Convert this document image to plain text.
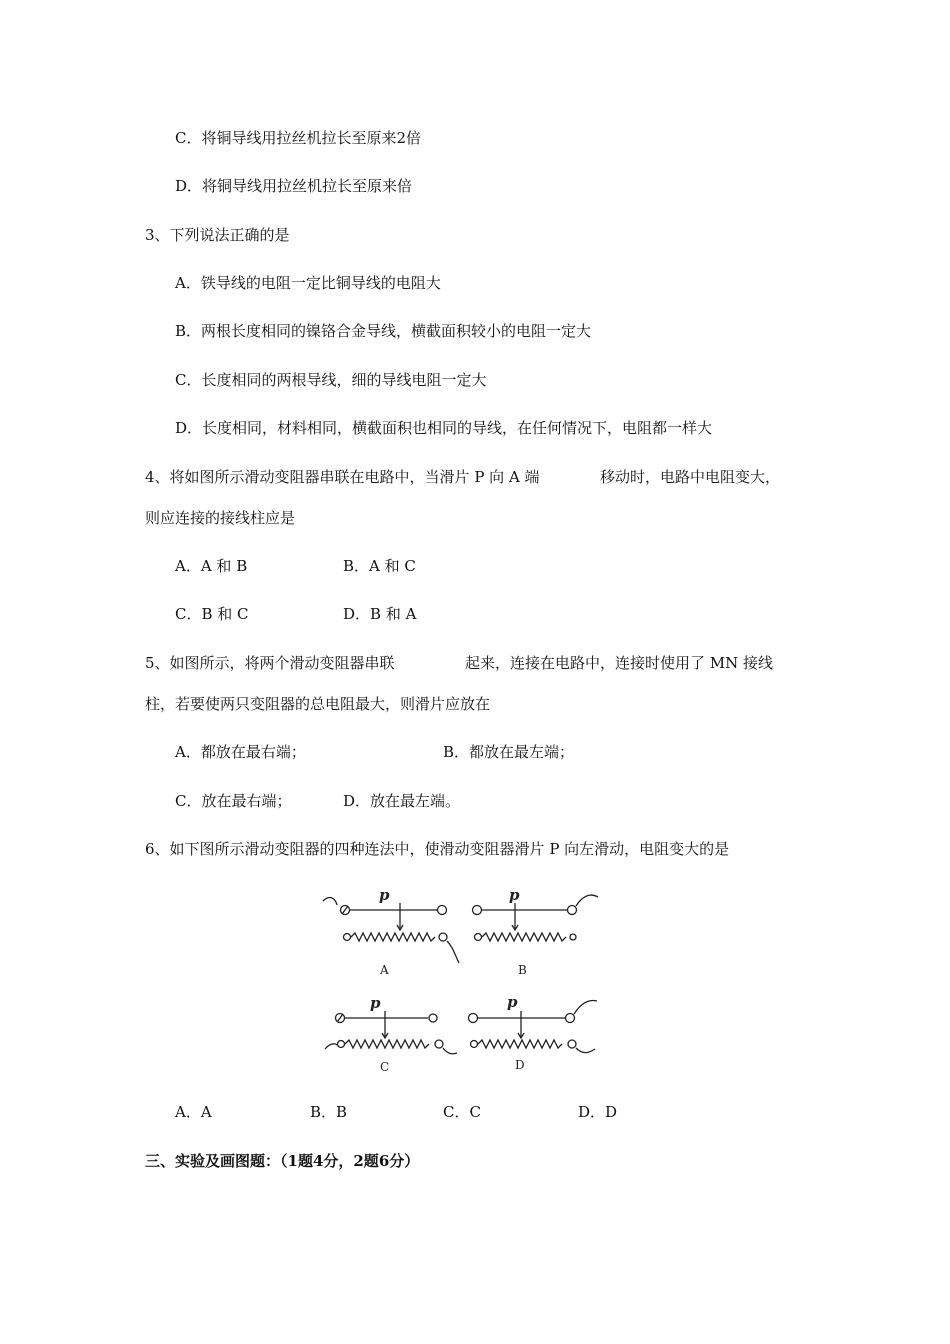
C．将铜导线用拉丝机拉长至原来2倍
D．将铜导线用拉丝机拉长至原来倍
3、下列说法正确的是
A．铁导线的电阻一定比铜导线的电阻大
B．两根长度相同的镍铬合金导线，横截面积较小的电阻一定大
C．长度相同的两根导线，细的导线电阻一定大
D．长度相同，材料相同，横截面积也相同的导线，在任何情况下，电阻都一样大
4、将如图所示滑动变阻器串联在电路中，当滑片 P 向 A 端	移动时，电路中电阻变大，
则应连接的接线柱应是
A．A 和 B	B．A 和 C
C．B 和 C	D．B 和 A
5、如图所示，将两个滑动变阻器串联	起来，连接在电路中，连接时使用了 MN 接线
柱，若要使两只变阻器的总电阻最大，则滑片应放在
A．都放在最右端；	B．都放在最左端；
C．放在最右端；	D．放在最左端。
6、如下图所示滑动变阻器的四种连法中，使滑动变阻器滑片 P 向左滑动，电阻变大的是
p	p
p	p
A	B
C	D
A．A	B．B	C．C	D．D
三、实验及画图题：（1题4分，2题6分）
